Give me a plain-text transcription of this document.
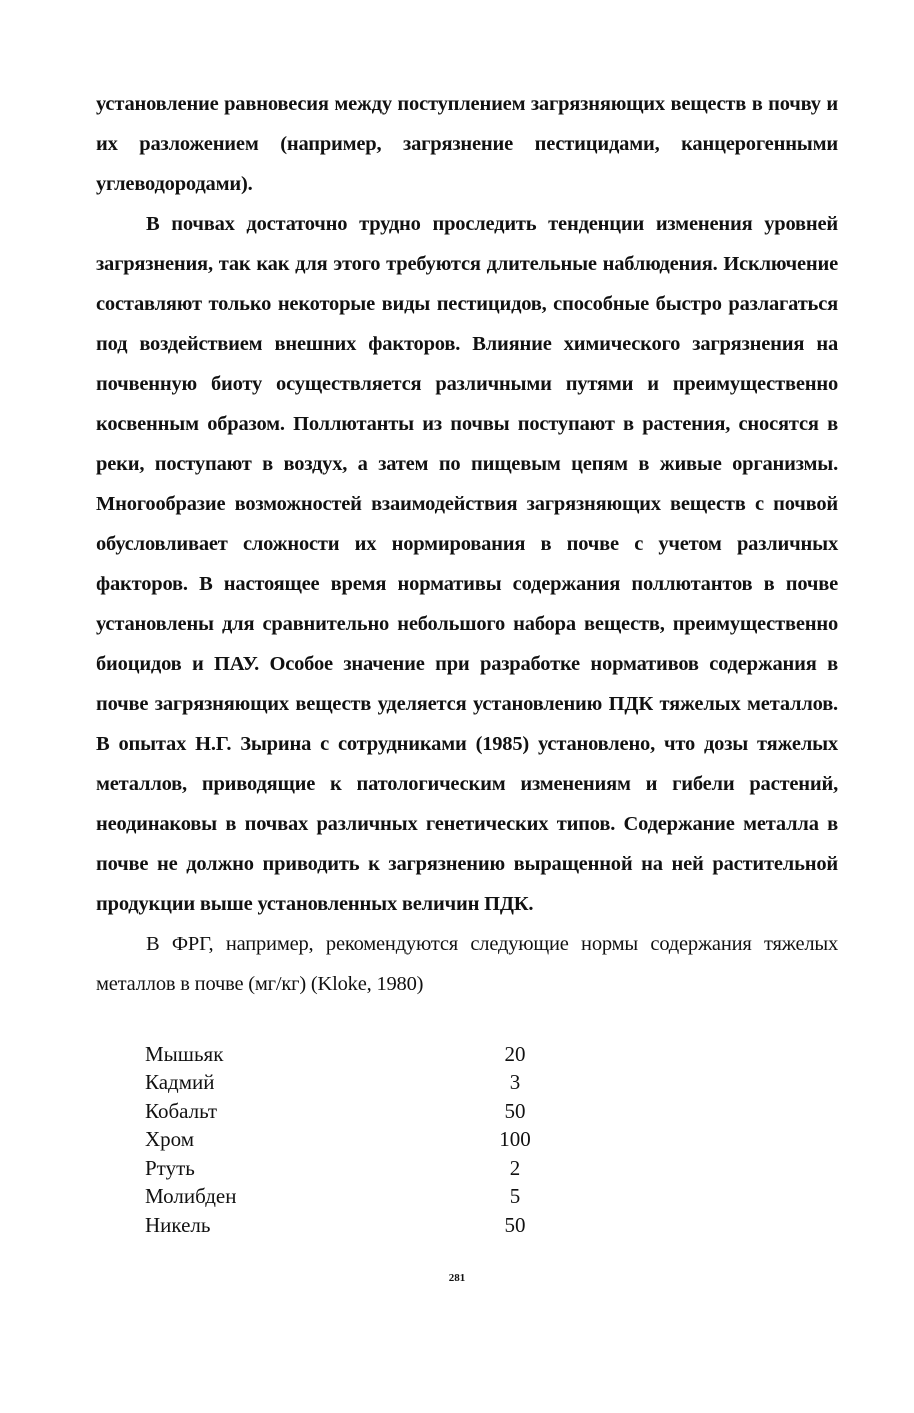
установление равновесия между поступлением загрязняющих веществ в почву и их разложением (например, загрязнение пестицидами, канцерогенными углеводородами).

В почвах достаточно трудно проследить тенденции изменения уровней загрязнения, так как для этого требуются длительные наблюдения. Исключение составляют только некоторые виды пестицидов, способные быстро разлагаться под воздействием внешних факторов. Влияние химического загрязнения на почвенную биоту осуществляется различными путями и преимущественно косвенным образом. Поллютанты из почвы поступают в растения, сносятся в реки, поступают в воздух, а затем по пищевым цепям в живые организмы. Многообразие возможностей взаимодействия загрязняющих веществ с почвой обусловливает сложности их нормирования в почве с учетом различных факторов. В настоящее время нормативы содержания поллютантов в почве установлены для сравнительно небольшого набора веществ, преимущественно биоцидов и ПАУ. Особое значение при разработке нормативов содержания в почве загрязняющих веществ уделяется установлению ПДК тяжелых металлов. В опытах Н.Г. Зырина с сотрудниками (1985) установлено, что дозы тяжелых металлов, приводящие к патологическим изменениям и гибели растений, неодинаковы в почвах различных генетических типов. Содержание металла в почве не должно приводить к загрязнению выращенной на ней растительной продукции выше установленных величин ПДК.

В ФРГ, например, рекомендуются следующие нормы содержания тяжелых металлов в почве (мг/кг) (Kloke, 1980)

Мышьяк	20
Кадмий	3
Кобальт	50
Хром	100
Ртуть	2
Молибден	5
Никель	50
281
